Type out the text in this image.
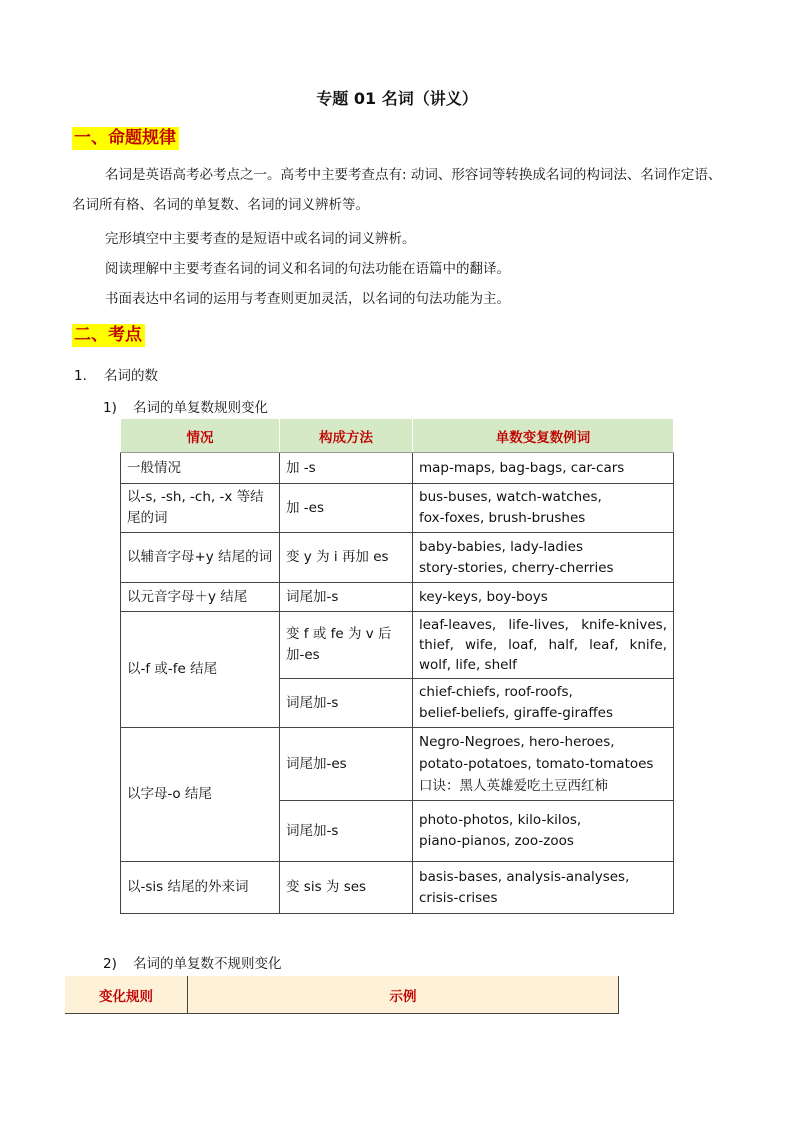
专题 01 名词（讲义）
一、命题规律

名词是英语高考必考点之一。高考中主要考查点有: 动词、形容词等转换成名词的构词法、名词作定语、名词所有格、名词的单复数、名词的词义辨析等。

完形填空中主要考查的是短语中或名词的词义辨析。

阅读理解中主要考查名词的词义和名词的句法功能在语篇中的翻译。

书面表达中名词的运用与考查则更加灵活，以名词的句法功能为主。

二、考点
1. 名词的数
1) 名词的单复数规则变化
情况	构成方法	单数变复数例词
一般情况	加 -s	map-maps, bag-bags, car-cars

以-s, -sh, -ch, -x 等结尾的词	加 -es	bus-buses, watch-watches,
fox-foxes, brush-brushes

以辅音字母+y 结尾的词	变 y 为 i 再加 es	baby-babies, lady-ladies
story-stories, cherry-cherries

以元音字母＋y 结尾	词尾加-s	key-keys, boy-boys

以-f 或-fe 结尾	变 f 或 fe 为 v 后加-es	leaf-leaves, life-lives, knife-knives, thief, wife, loaf, half, leaf, knife, wolf, life, shelf

	词尾加-s	chief-chiefs, roof-roofs,
belief-beliefs, giraffe-giraffes

以字母-o 结尾	词尾加-es	Negro-Negroes, hero-heroes,
potato-potatoes, tomato-tomatoes
口诀：黑人英雄爱吃土豆西红柿

	词尾加-s	photo-photos, kilo-kilos,
piano-pianos, zoo-zoos

以-sis 结尾的外来词	变 sis 为 ses	basis-bases, analysis-analyses,
crisis-crises
2) 名词的单复数不规则变化
变化规则	示例
